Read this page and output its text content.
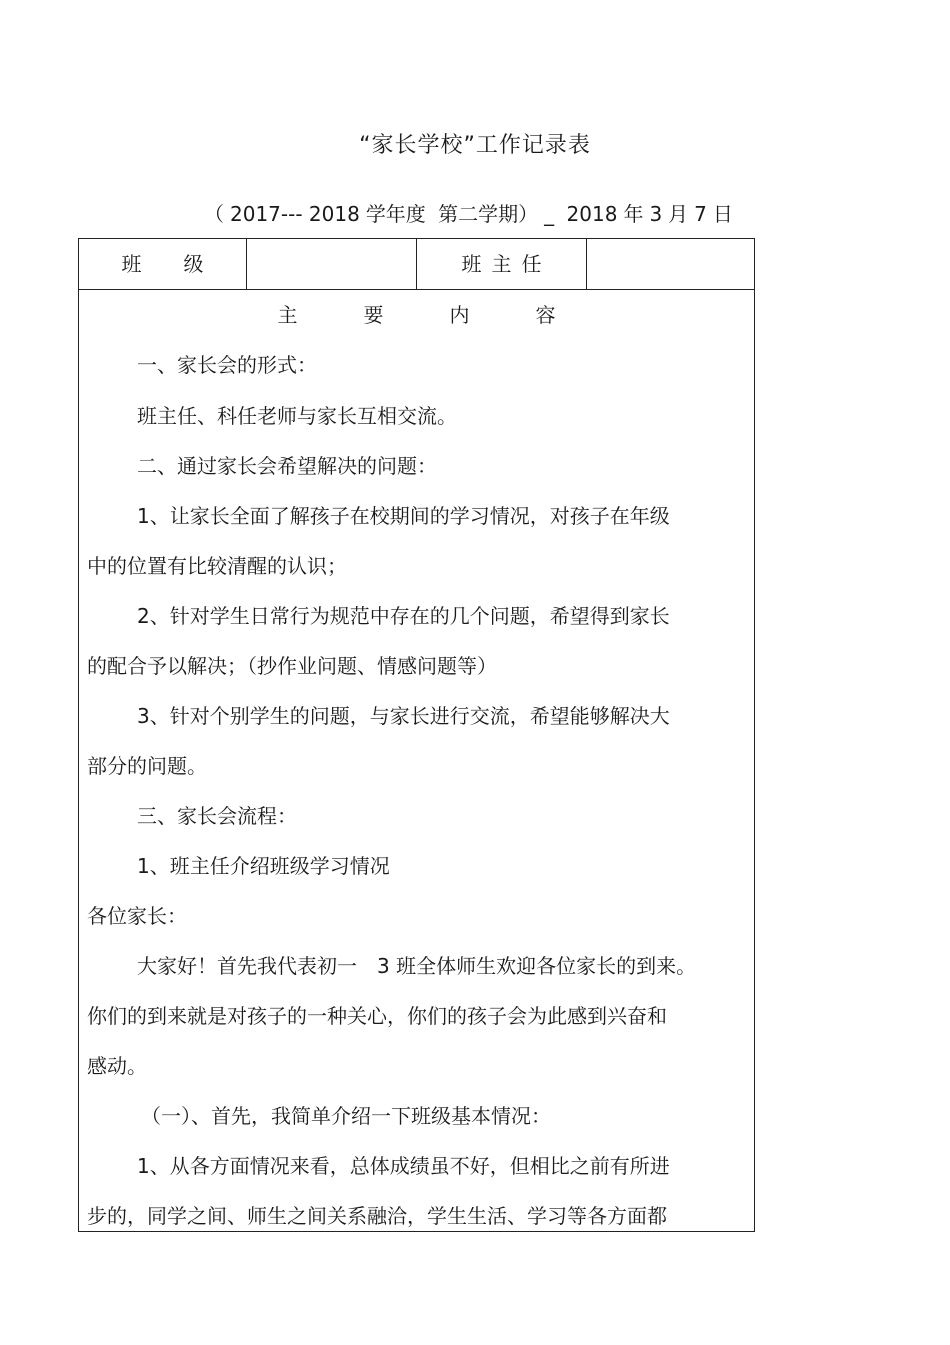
“家长学校”工作记录表
（ 2017--- 2018 学年度 第二学期） _ 2018 年 3 月 7 日
班级	班主任
主要内容
一、家长会的形式：
班主任、科任老师与家长互相交流。
二、通过家长会希望解决的问题：
1、让家长全面了解孩子在校期间的学习情况，对孩子在年级
中的位置有比较清醒的认识；
2、针对学生日常行为规范中存在的几个问题，希望得到家长
的配合予以解决；（抄作业问题、情感问题等）
3、针对个别学生的问题，与家长进行交流，希望能够解决大
部分的问题。
三、家长会流程：
1、班主任介绍班级学习情况
各位家长：
大家好！首先我代表初一　3 班全体师生欢迎各位家长的到来。
你们的到来就是对孩子的一种关心，你们的孩子会为此感到兴奋和
感动。
（一）、首先，我简单介绍一下班级基本情况：
1、从各方面情况来看，总体成绩虽不好，但相比之前有所进
步的，同学之间、师生之间关系融洽，学生生活、学习等各方面都
